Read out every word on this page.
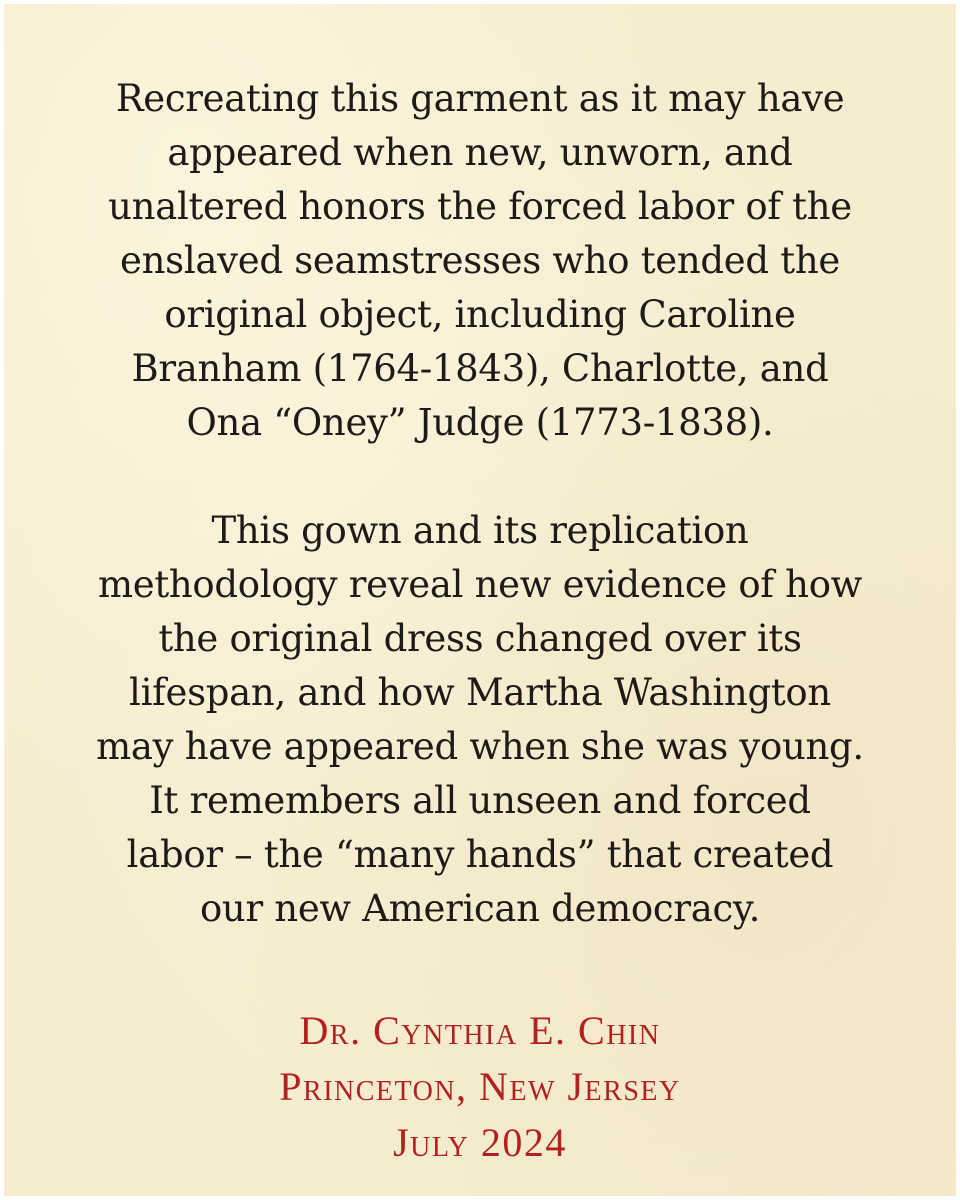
Recreating this garment as it may have
appeared when new, unworn, and
unaltered honors the forced labor of the
enslaved seamstresses who tended the
original object, including Caroline
Branham (1764-1843), Charlotte, and
Ona “Oney” Judge (1773-1838).

This gown and its replication
methodology reveal new evidence of how
the original dress changed over its
lifespan, and how Martha Washington
may have appeared when she was young.
It remembers all unseen and forced
labor – the “many hands” that created
our new American democracy.

Dr. Cynthia E. Chin
Princeton, New Jersey
July 2024
